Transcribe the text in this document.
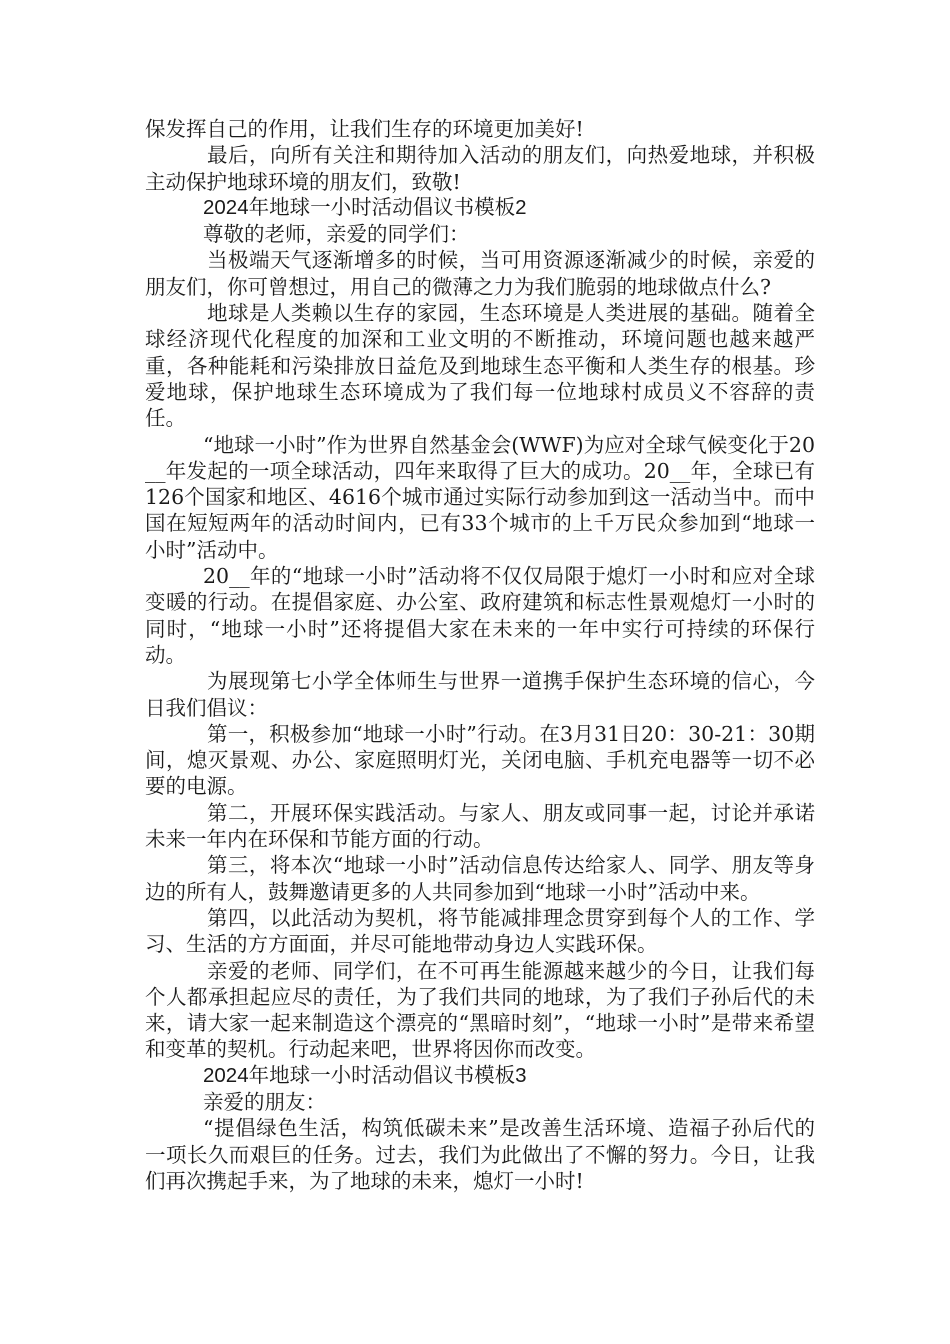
保发挥自己的作用，让我们生存的环境更加美好!

最后，向所有关注和期待加入活动的朋友们，向热爱地球，并积极主动保护地球环境的朋友们，致敬!

2024年地球一小时活动倡议书模板2

尊敬的老师，亲爱的同学们：

当极端天气逐渐增多的时候，当可用资源逐渐减少的时候，亲爱的朋友们，你可曾想过，用自己的微薄之力为我们脆弱的地球做点什么?

地球是人类赖以生存的家园，生态环境是人类进展的基础。随着全球经济现代化程度的加深和工业文明的不断推动，环境问题也越来越严重，各种能耗和污染排放日益危及到地球生态平衡和人类生存的根基。珍爱地球，保护地球生态环境成为了我们每一位地球村成员义不容辞的责任。

“地球一小时”作为世界自然基金会(WWF)为应对全球气候变化于20__年发起的一项全球活动，四年来取得了巨大的成功。20__年，全球已有126个国家和地区、4616个城市通过实际行动参加到这一活动当中。而中国在短短两年的活动时间内，已有33个城市的上千万民众参加到“地球一小时”活动中。

20__年的“地球一小时”活动将不仅仅局限于熄灯一小时和应对全球变暖的行动。在提倡家庭、办公室、政府建筑和标志性景观熄灯一小时的同时，“地球一小时”还将提倡大家在未来的一年中实行可持续的环保行动。

为展现第七小学全体师生与世界一道携手保护生态环境的信心，今日我们倡议：

第一，积极参加“地球一小时”行动。在3月31日20：30-21：30期间，熄灭景观、办公、家庭照明灯光，关闭电脑、手机充电器等一切不必要的电源。

第二，开展环保实践活动。与家人、朋友或同事一起，讨论并承诺未来一年内在环保和节能方面的行动。

第三，将本次“地球一小时”活动信息传达给家人、同学、朋友等身边的所有人，鼓舞邀请更多的人共同参加到“地球一小时”活动中来。

第四，以此活动为契机，将节能减排理念贯穿到每个人的工作、学习、生活的方方面面，并尽可能地带动身边人实践环保。

亲爱的老师、同学们，在不可再生能源越来越少的今日，让我们每个人都承担起应尽的责任，为了我们共同的地球，为了我们子孙后代的未来，请大家一起来制造这个漂亮的“黑暗时刻”，“地球一小时”是带来希望和变革的契机。行动起来吧，世界将因你而改变。

2024年地球一小时活动倡议书模板3

亲爱的朋友：

“提倡绿色生活，构筑低碳未来”是改善生活环境、造福子孙后代的一项长久而艰巨的任务。过去，我们为此做出了不懈的努力。今日，让我们再次携起手来，为了地球的未来，熄灯一小时!
